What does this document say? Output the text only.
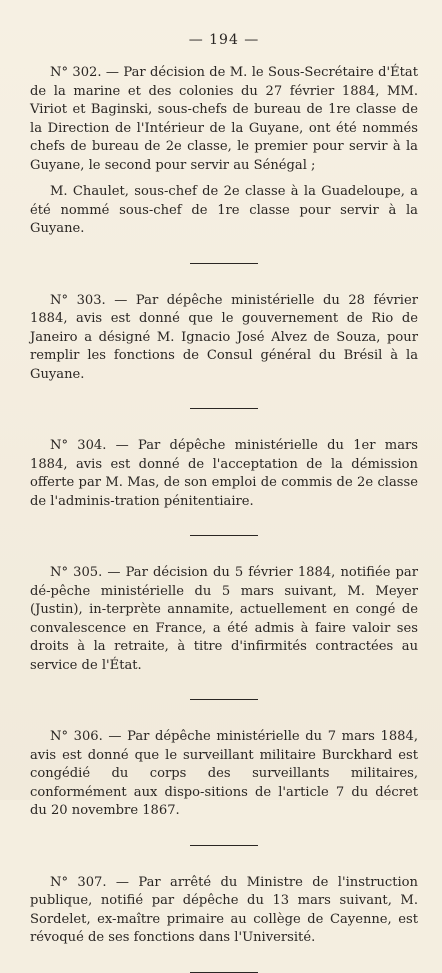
— 194 —

N° 302. — Par décision de M. le Sous-Secrétaire d'État de la marine et des colonies du 27 février 1884, MM. Viriot et Baginski, sous-chefs de bureau de 1re classe de la Direction de l'Intérieur de la Guyane, ont été nommés chefs de bureau de 2e classe, le premier pour servir à la Guyane, le second pour servir au Sénégal ;

M. Chaulet, sous-chef de 2e classe à la Guadeloupe, a été nommé sous-chef de 1re classe pour servir à la Guyane.

N° 303. — Par dépêche ministérielle du 28 février 1884, avis est donné que le gouvernement de Rio de Janeiro a désigné M. Ignacio José Alvez de Souza, pour remplir les fonctions de Consul général du Brésil à la Guyane.

N° 304. — Par dépêche ministérielle du 1er mars 1884, avis est donné de l'acceptation de la démission offerte par M. Mas, de son emploi de commis de 2e classe de l'adminis-tration pénitentiaire.

N° 305. — Par décision du 5 février 1884, notifiée par dé-pêche ministérielle du 5 mars suivant, M. Meyer (Justin), in-terprète annamite, actuellement en congé de convalescence en France, a été admis à faire valoir ses droits à la retraite, à titre d'infirmités contractées au service de l'État.

N° 306. — Par dépêche ministérielle du 7 mars 1884, avis est donné que le surveillant militaire Burckhard est congédié du corps des surveillants militaires, conformément aux dispo-sitions de l'article 7 du décret du 20 novembre 1867.

N° 307. — Par arrêté du Ministre de l'instruction publique, notifié par dépêche du 13 mars suivant, M. Sordelet, ex-maître primaire au collège de Cayenne, est révoqué de ses fonctions dans l'Université.
